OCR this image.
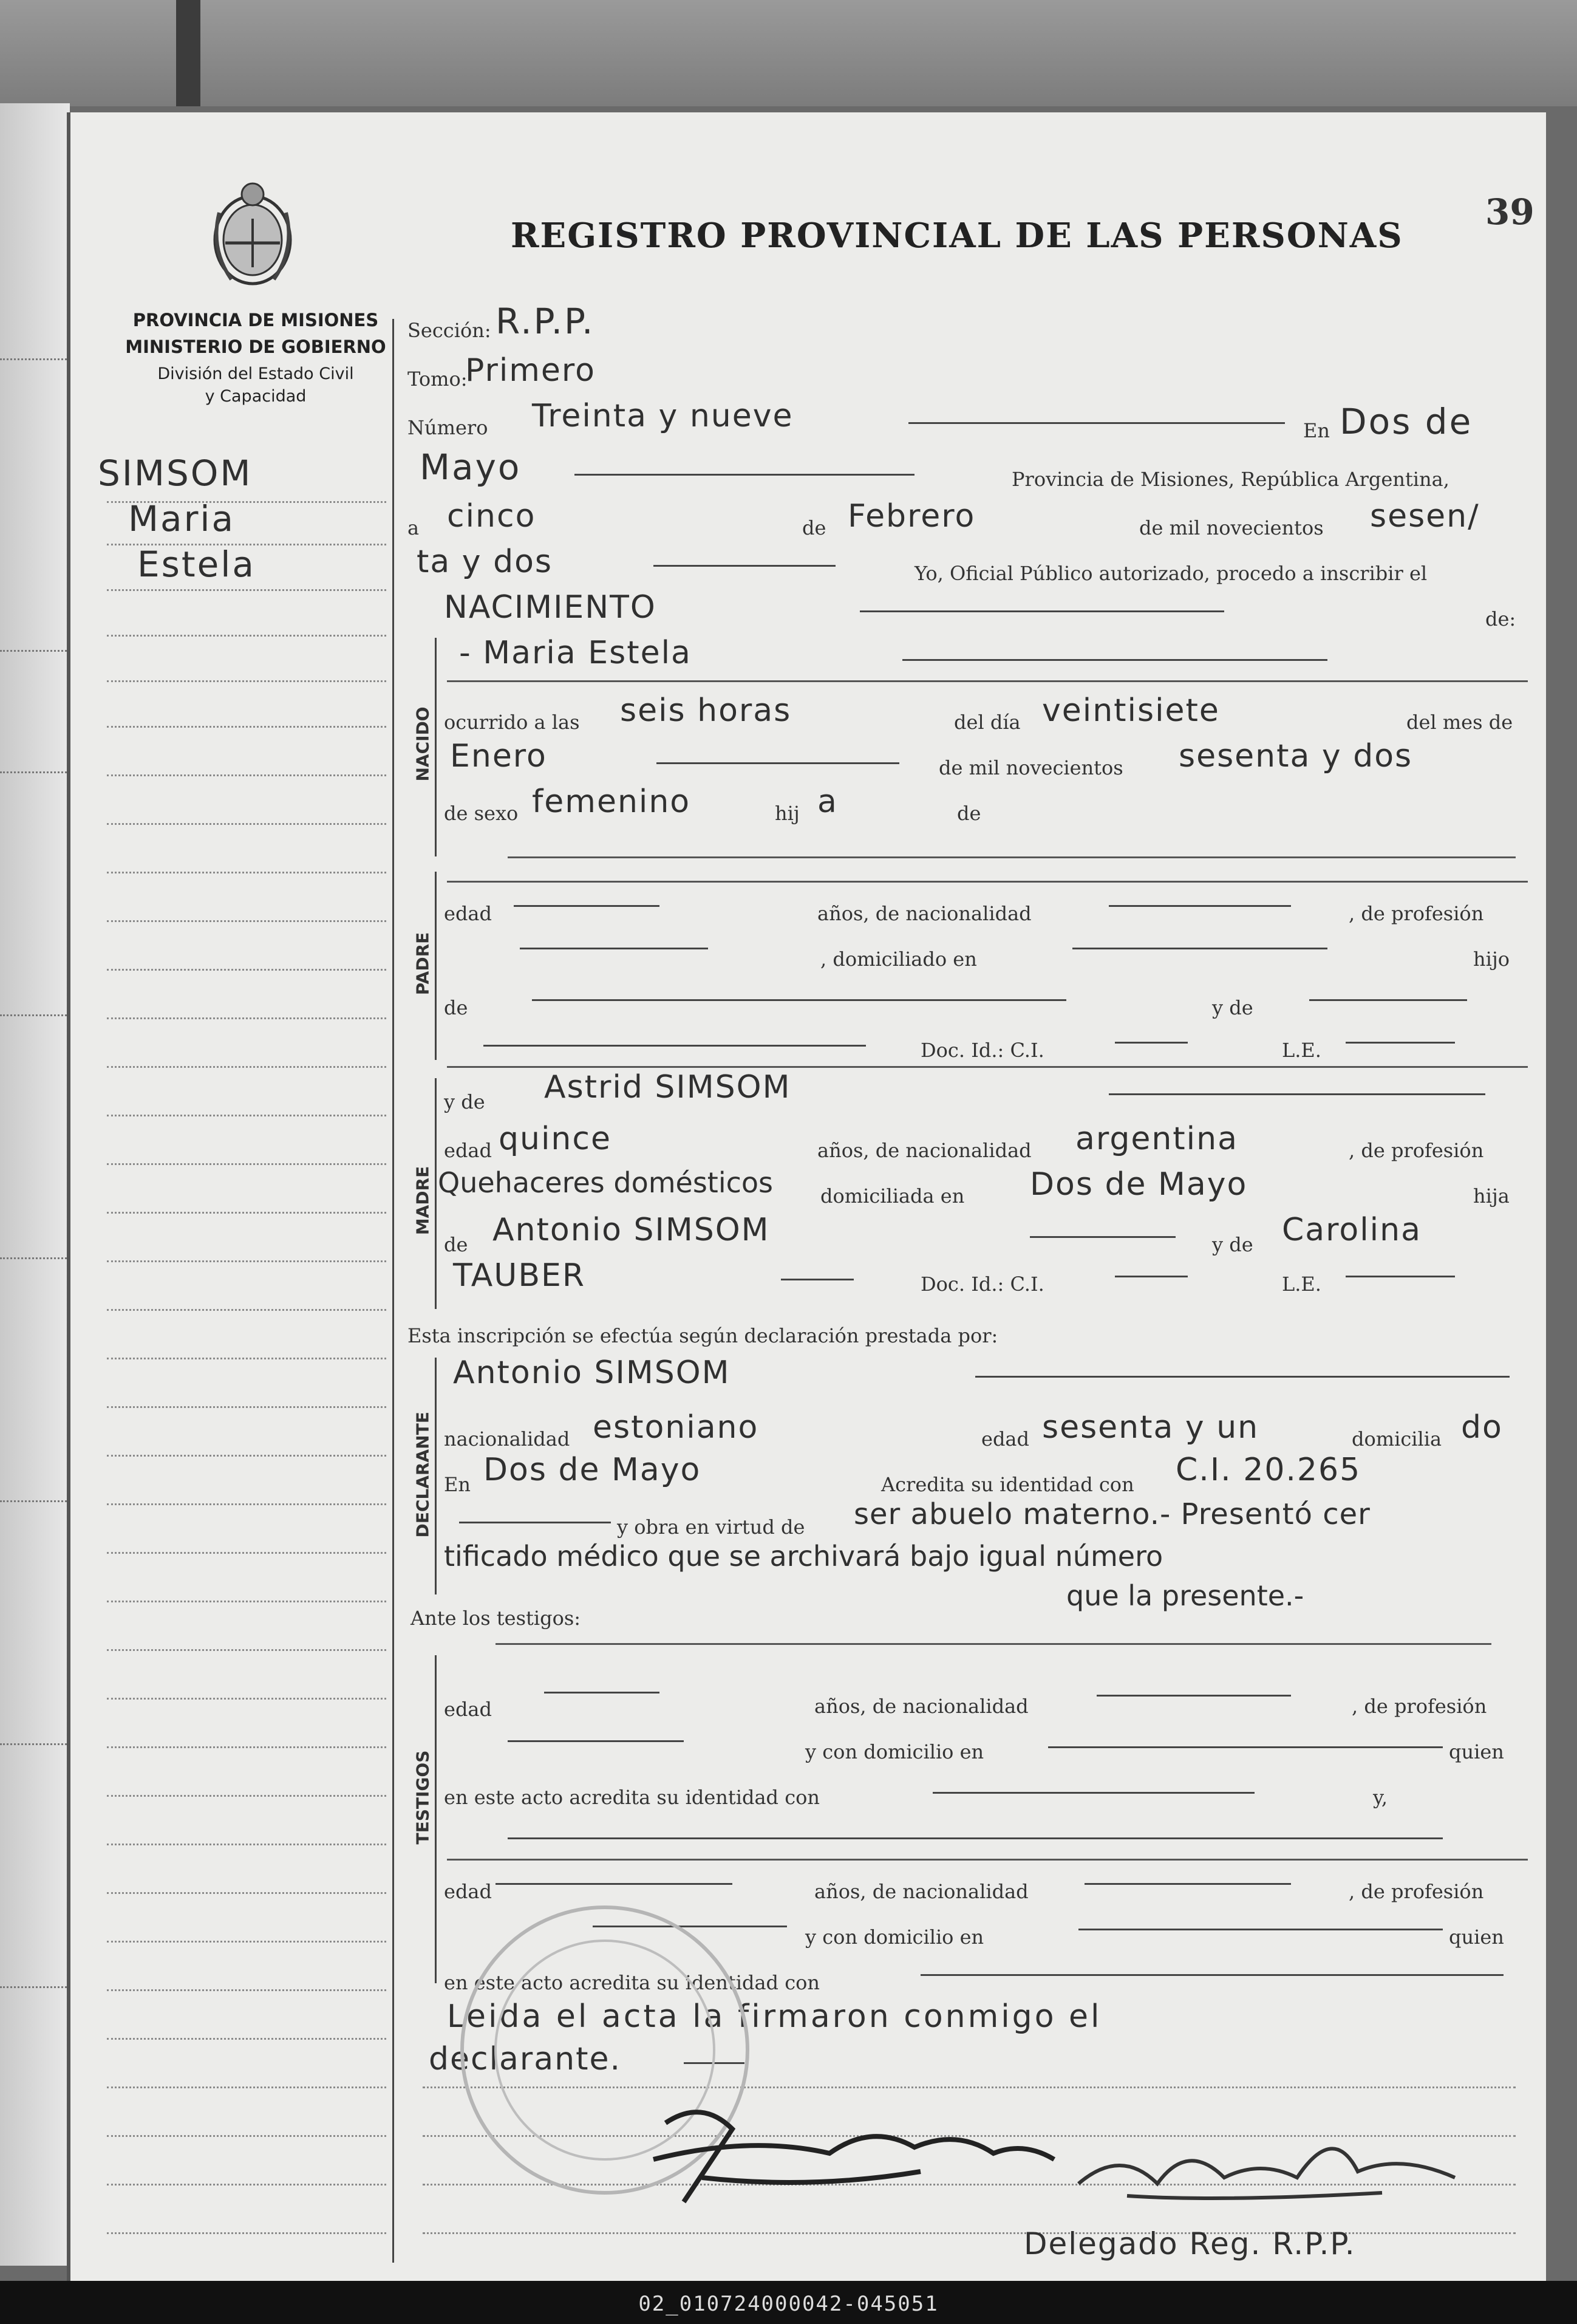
REGISTRO PROVINCIAL DE LAS PERSONAS
39
PROVINCIA DE MISIONES
MINISTERIO DE GOBIERNO
División del Estado Civil
y Capacidad
SIMSOM
Maria
Estela
Sección: R.P.P.
Tomo:
Primero
Número Treinta y nueve	En Dos de
Mayo	Provincia de Misiones, República Argentina,
a cinco	de Febrero	de mil novecientos sesen/
ta y dos	Yo, Oficial Público autorizado, procedo a inscribir el
NACIMIENTO	de:
NACIDO
- Maria Estela
ocurrido a las seis horas	del día veintisiete	del mes de
Enero	de mil novecientos sesenta y dos
de sexo femenino	hij a	de
PADRE
edad	años, de nacionalidad	, de profesión
, domiciliado en	hijo
de	y de
Doc. Id.: C.I.	L.E.
MADRE
y de Astrid SIMSOM
edad quince	años, de nacionalidad argentina	, de profesión
Quehaceres domésticos domiciliada en Dos de Mayo	hija
de Antonio SIMSOM	y de Carolina
TAUBER	Doc. Id.: C.I.	L.E.
Esta inscripción se efectúa según declaración prestada por:
DECLARANTE
Antonio SIMSOM
nacionalidad estoniano	edad sesenta y un	domicilia do
En Dos de Mayo	Acredita su identidad con C.I. 20.265
y obra en virtud de ser abuelo materno.- Presentó cer
tificado médico que se archivará bajo igual número
que la presente.-
Ante los testigos:
TESTIGOS
edad	años, de nacionalidad	, de profesión
y con domicilio en	quien
en este acto acredita su identidad con	y,
edad	años, de nacionalidad	, de profesión
y con domicilio en	quien
en este acto acredita su identidad con
Leida el acta la firmaron conmigo el
declarante.
Delegado Reg. R.P.P.
02_010724000042-045051
